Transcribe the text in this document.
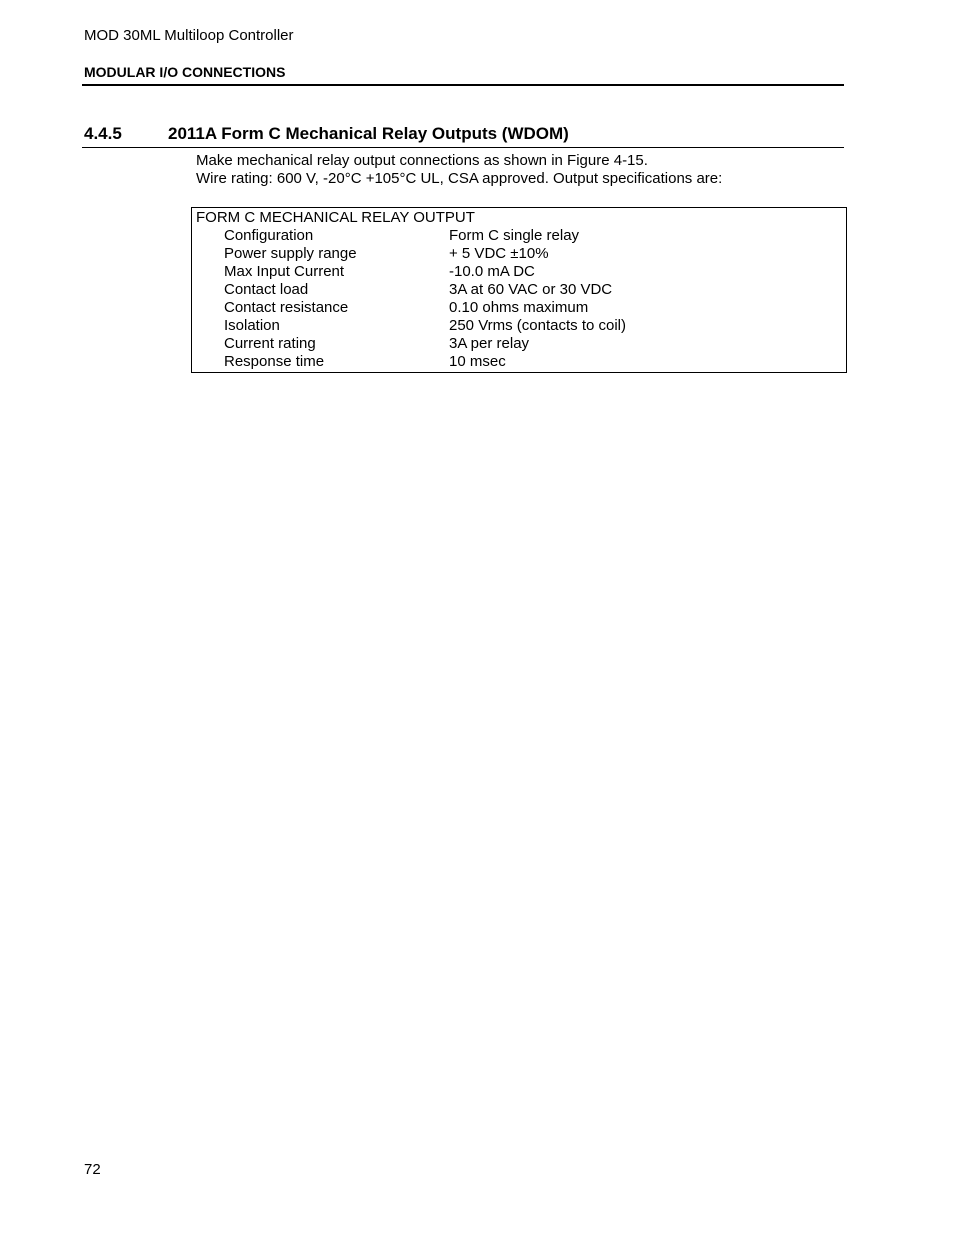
MOD 30ML Multiloop Controller
MODULAR I/O CONNECTIONS
4.4.5	2011A Form C Mechanical Relay Outputs (WDOM)
Make mechanical relay output connections as shown in Figure 4-15.
Wire rating: 600 V, -20°C +105°C UL, CSA approved. Output specifications are:
FORM C MECHANICAL RELAY OUTPUT
Configuration	Form C single relay
Power supply range	+ 5 VDC ±10%
Max Input Current	-10.0 mA DC
Contact load	3A at 60 VAC or 30 VDC
Contact resistance	0.10 ohms maximum
Isolation	250 Vrms (contacts to coil)
Current rating	3A per relay
Response time	10 msec
72
